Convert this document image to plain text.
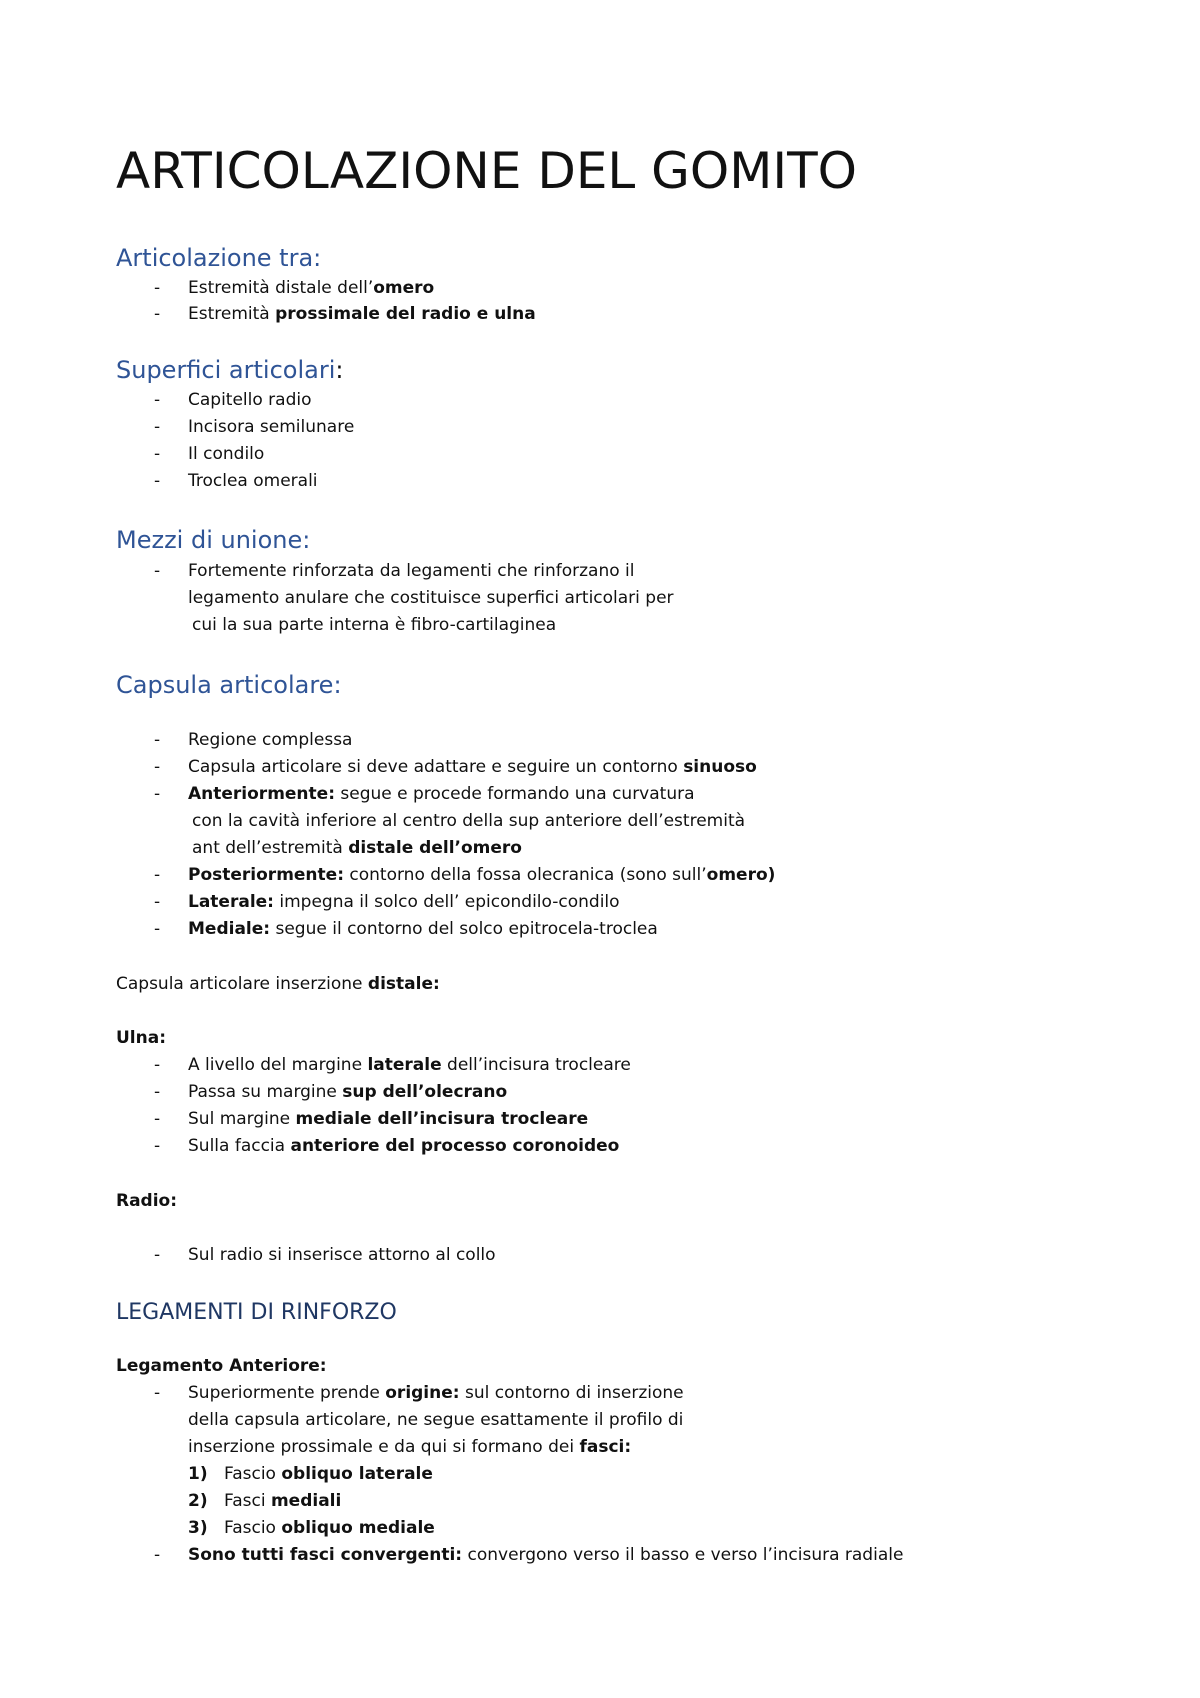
ARTICOLAZIONE DEL GOMITO
Articolazione tra:
- Estremità distale dell’omero
- Estremità prossimale del radio e ulna
Superfici articolari:
- Capitello radio
- Incisora semilunare
- Il condilo
- Troclea omerali
Mezzi di unione:
- Fortemente rinforzata da legamenti che rinforzano il
legamento anulare che costituisce superfici articolari per
cui la sua parte interna è fibro-cartilaginea
Capsula articolare:
- Regione complessa
- Capsula articolare si deve adattare e seguire un contorno sinuoso
- Anteriormente: segue e procede formando una curvatura
con la cavità inferiore al centro della sup anteriore dell’estremità
ant dell’estremità distale dell’omero
- Posteriormente: contorno della fossa olecranica (sono sull’omero)
- Laterale: impegna il solco dell’ epicondilo-condilo
- Mediale: segue il contorno del solco epitrocela-troclea
Capsula articolare inserzione distale:
Ulna:
- A livello del margine laterale dell’incisura trocleare
- Passa su margine sup dell’olecrano
- Sul margine mediale dell’incisura trocleare
- Sulla faccia anteriore del processo coronoideo
Radio:
- Sul radio si inserisce attorno al collo
LEGAMENTI DI RINFORZO
Legamento Anteriore:
- Superiormente prende origine: sul contorno di inserzione
della capsula articolare, ne segue esattamente il profilo di
inserzione prossimale e da qui si formano dei fasci:
1) Fascio obliquo laterale
2) Fasci mediali
3) Fascio obliquo mediale
- Sono tutti fasci convergenti: convergono verso il basso e verso l’incisura radiale
